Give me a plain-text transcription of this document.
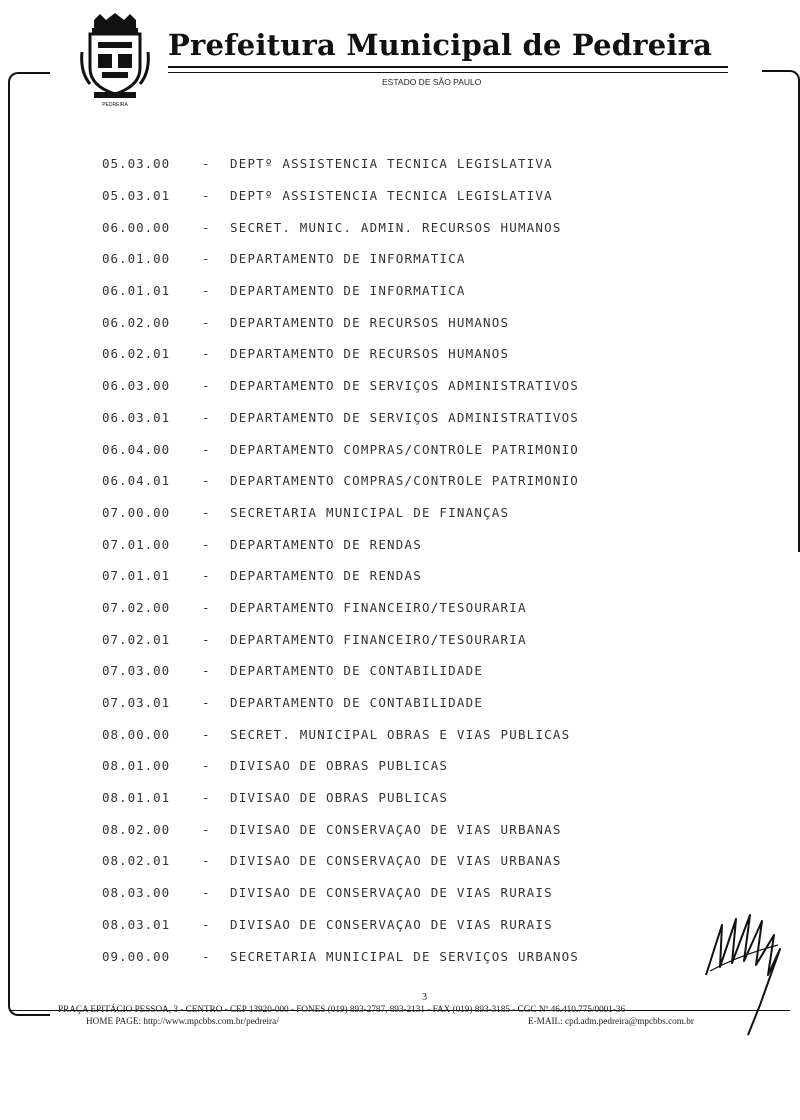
PEDREIRA
Prefeitura Municipal de Pedreira
ESTADO DE SÃO PAULO
05.03.00	-	DEPTº ASSISTENCIA TECNICA LEGISLATIVA
05.03.01	-	DEPTº ASSISTENCIA TECNICA LEGISLATIVA
06.00.00	-	SECRET. MUNIC. ADMIN. RECURSOS HUMANOS
06.01.00	-	DEPARTAMENTO DE INFORMATICA
06.01.01	-	DEPARTAMENTO DE INFORMATICA
06.02.00	-	DEPARTAMENTO DE RECURSOS HUMANOS
06.02.01	-	DEPARTAMENTO DE RECURSOS HUMANOS
06.03.00	-	DEPARTAMENTO DE SERVIÇOS ADMINISTRATIVOS
06.03.01	-	DEPARTAMENTO DE SERVIÇOS ADMINISTRATIVOS
06.04.00	-	DEPARTAMENTO COMPRAS/CONTROLE PATRIMONIO
06.04.01	-	DEPARTAMENTO COMPRAS/CONTROLE PATRIMONIO
07.00.00	-	SECRETARIA MUNICIPAL DE FINANÇAS
07.01.00	-	DEPARTAMENTO DE RENDAS
07.01.01	-	DEPARTAMENTO DE RENDAS
07.02.00	-	DEPARTAMENTO FINANCEIRO/TESOURARIA
07.02.01	-	DEPARTAMENTO FINANCEIRO/TESOURARIA
07.03.00	-	DEPARTAMENTO DE CONTABILIDADE
07.03.01	-	DEPARTAMENTO DE CONTABILIDADE
08.00.00	-	SECRET. MUNICIPAL OBRAS E VIAS PUBLICAS
08.01.00	-	DIVISAO DE OBRAS PUBLICAS
08.01.01	-	DIVISAO DE OBRAS PUBLICAS
08.02.00	-	DIVISAO DE CONSERVAÇAO DE VIAS URBANAS
08.02.01	-	DIVISAO DE CONSERVAÇAO DE VIAS URBANAS
08.03.00	-	DIVISAO DE CONSERVAÇAO DE VIAS RURAIS
08.03.01	-	DIVISAO DE CONSERVAÇAO DE VIAS RURAIS
09.00.00	-	SECRETARIA MUNICIPAL DE SERVIÇOS URBANOS
3
PRAÇA EPITÁCIO PESSOA, 3 - CENTRO - CEP 13920-000 - FONES (019) 893-2787, 893-2131 - FAX (019) 893-3185 - CGC Nº 46.410.775/0001-36
HOME PAGE: http://www.mpcbbs.com.br/pedreira/	E-MAIL: cpd.adm.pedreira@mpcbbs.com.br
